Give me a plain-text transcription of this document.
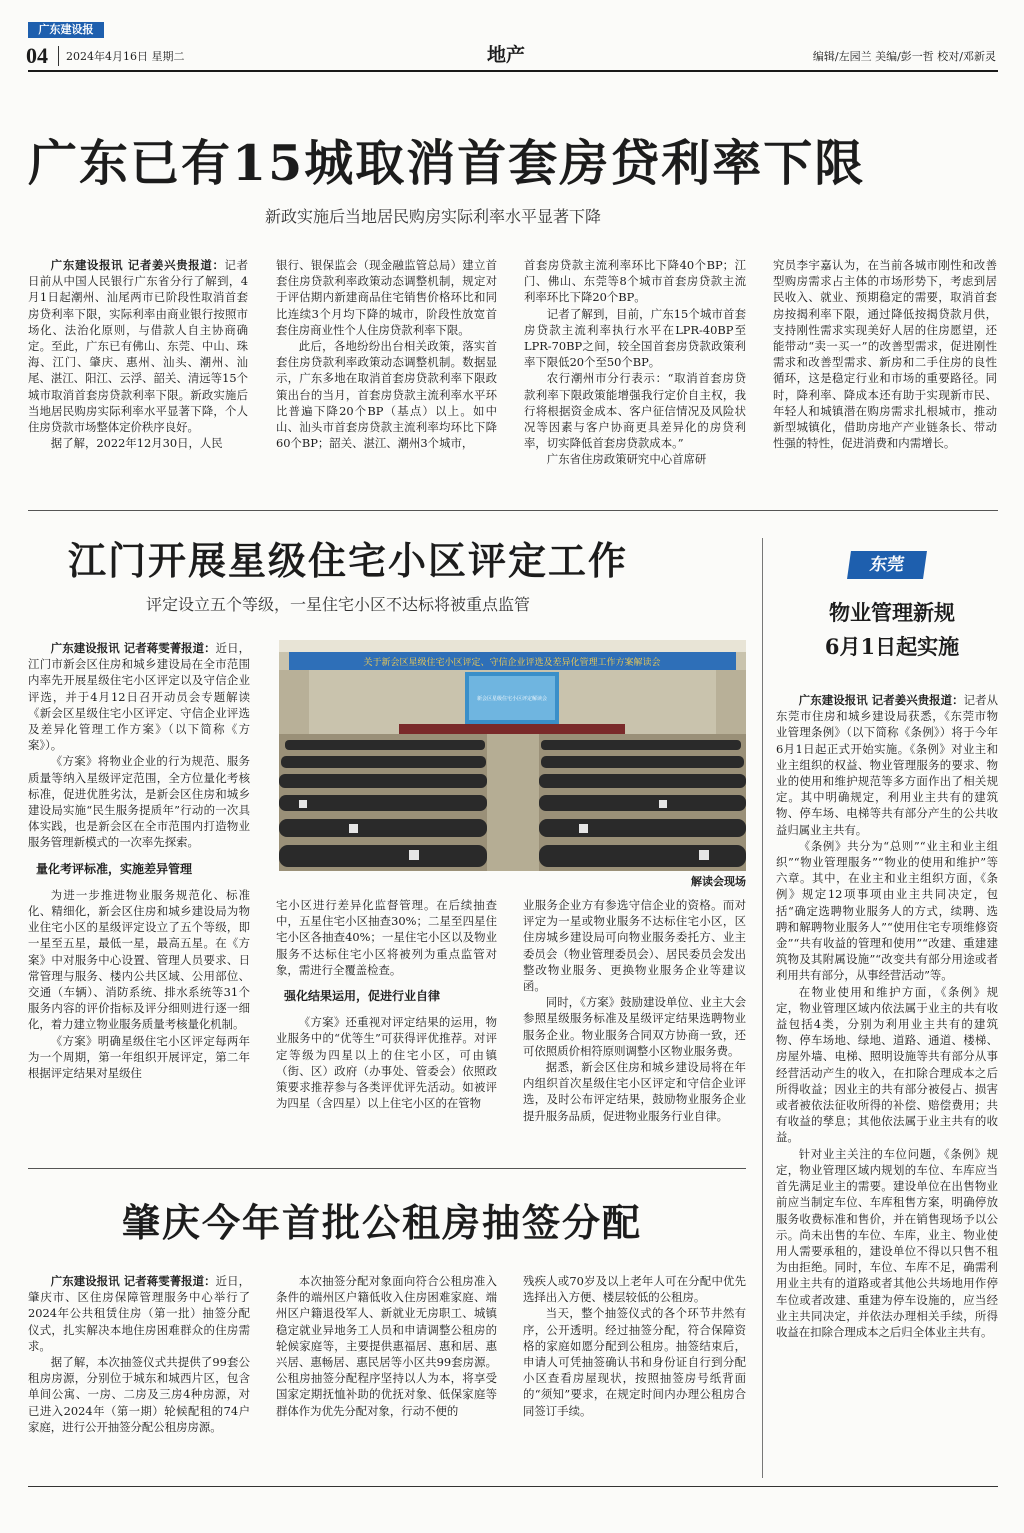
广东建设报
04 2024年4月16日 星期二	地产	编辑/左园兰 美编/彭一哲 校对/邓新灵
广东已有15城取消首套房贷利率下限
新政实施后当地居民购房实际利率水平显著下降

广东建设报讯 记者姜兴贵报道：记者日前从中国人民银行广东省分行了解到，4月1日起潮州、汕尾两市已阶段性取消首套房贷利率下限，实际利率由商业银行按照市场化、法治化原则，与借款人自主协商确定。至此，广东已有佛山、东莞、中山、珠海、江门、肇庆、惠州、汕头、潮州、汕尾、湛江、阳江、云浮、韶关、清远等15个城市取消首套房贷款利率下限。新政实施后当地居民购房实际利率水平显著下降，个人住房贷款市场整体定价秩序良好。

据了解，2022年12月30日，人民

银行、银保监会（现金融监管总局）建立首套住房贷款利率政策动态调整机制，规定对于评估期内新建商品住宅销售价格环比和同比连续3个月均下降的城市，阶段性放宽首套住房商业性个人住房贷款利率下限。

此后，各地纷纷出台相关政策，落实首套住房贷款利率政策动态调整机制。数据显示，广东多地在取消首套房贷款利率下限政策出台的当月，首套房贷款主流利率水平环比普遍下降20个BP（基点）以上。如中山、汕头市首套房贷款主流利率均环比下降60个BP；韶关、湛江、潮州3个城市，

首套房贷款主流利率环比下降40个BP；江门、佛山、东莞等8个城市首套房贷款主流利率环比下降20个BP。

记者了解到，目前，广东15个城市首套房贷款主流利率执行水平在LPR-40BP至LPR-70BP之间，较全国首套房贷款政策利率下限低20个至50个BP。

农行潮州市分行表示：“取消首套房贷款利率下限政策能增强我行定价自主权，我行将根据资金成本、客户征信情况及风险状况等因素与客户协商更具差异化的房贷利率，切实降低首套房贷款成本。”

广东省住房政策研究中心首席研

究员李宇嘉认为，在当前各城市刚性和改善型购房需求占主体的市场形势下，考虑到居民收入、就业、预期稳定的需要，取消首套房按揭利率下限，通过降低按揭贷款月供，支持刚性需求实现美好人居的住房愿望，还能带动“卖一买一”的改善型需求，促进刚性需求和改善型需求、新房和二手住房的良性循环，这是稳定行业和市场的重要路径。同时，降利率、降成本还有助于实现新市民、年轻人和城镇潜在购房需求扎根城市，推动新型城镇化，借助房地产产业链条长、带动性强的特性，促进消费和内需增长。

江门开展星级住宅小区评定工作
评定设立五个等级，一星住宅小区不达标将被重点监管
关于新会区星级住宅小区评定、守信企业评选及差异化管理工作方案解读会
新会区星级住宅小区评定解读会
解读会现场

广东建设报讯 记者蒋雯菁报道：近日，江门市新会区住房和城乡建设局在全市范围内率先开展星级住宅小区评定以及守信企业评选，并于4月12日召开动员会专题解读《新会区星级住宅小区评定、守信企业评选及差异化管理工作方案》（以下简称《方案》）。

《方案》将物业企业的行为规范、服务质量等纳入星级评定范围，全方位量化考核标准，促进优胜劣汰，是新会区住房和城乡建设局实施“民生服务提质年”行动的一次具体实践，也是新会区在全市范围内打造物业服务管理新模式的一次率先探索。

量化考评标准，实施差异管理

为进一步推进物业服务规范化、标准化、精细化，新会区住房和城乡建设局为物业住宅小区的星级评定设立了五个等级，即一星至五星，最低一星，最高五星。在《方案》中对服务中心设置、管理人员要求、日常管理与服务、楼内公共区域、公用部位、交通（车辆）、消防系统、排水系统等31个服务内容的评价指标及评分细则进行逐一细化，着力建立物业服务质量考核量化机制。

《方案》明确星级住宅小区评定每两年为一个周期，第一年组织开展评定，第二年根据评定结果对星级住

宅小区进行差异化监督管理。在后续抽查中，五星住宅小区抽查30%；二星至四星住宅小区各抽查40%；一星住宅小区以及物业服务不达标住宅小区将被列为重点监管对象，需进行全覆盖检查。

强化结果运用，促进行业自律

《方案》还重视对评定结果的运用，物业服务中的“优等生”可获得评优推荐。对评定等级为四星以上的住宅小区，可由镇（街、区）政府（办事处、管委会）依照政策要求推荐参与各类评优评先活动。如被评为四星（含四星）以上住宅小区的在管物

业服务企业方有参选守信企业的资格。而对评定为一星或物业服务不达标住宅小区，区住房城乡建设局可向物业服务委托方、业主委员会（物业管理委员会）、居民委员会发出整改物业服务、更换物业服务企业等建议函。

同时，《方案》鼓励建设单位、业主大会参照星级服务标准及星级评定结果选聘物业服务企业。物业服务合同双方协商一致，还可依照质价相符原则调整小区物业服务费。

据悉，新会区住房和城乡建设局将在年内组织首次星级住宅小区评定和守信企业评选，及时公布评定结果，鼓励物业服务企业提升服务品质，促进物业服务行业自律。

东莞
物业管理新规
6月1日起实施

广东建设报讯 记者姜兴贵报道：记者从东莞市住房和城乡建设局获悉，《东莞市物业管理条例》（以下简称《条例》）将于今年6月1日起正式开始实施。《条例》对业主和业主组织的权益、物业管理服务的要求、物业的使用和维护规范等多方面作出了相关规定。其中明确规定，利用业主共有的建筑物、停车场、电梯等共有部分产生的公共收益归属业主共有。

《条例》共分为“总则”“业主和业主组织”“物业管理服务”“物业的使用和维护”等六章。其中，在业主和业主组织方面，《条例》规定12项事项由业主共同决定，包括“确定选聘物业服务人的方式，续聘、选聘和解聘物业服务人”“使用住宅专项维修资金”“共有收益的管理和使用”“改建、重建建筑物及其附属设施”“改变共有部分用途或者利用共有部分，从事经营活动”等。

在物业使用和维护方面，《条例》规定，物业管理区域内依法属于业主的共有收益包括4类，分别为利用业主共有的建筑物、停车场地、绿地、道路、通道、楼梯、房屋外墙、电梯、照明设施等共有部分从事经营活动产生的收入，在扣除合理成本之后所得收益；因业主的共有部分被侵占、损害或者被依法征收所得的补偿、赔偿费用；共有收益的孳息；其他依法属于业主共有的收益。

针对业主关注的车位问题，《条例》规定，物业管理区域内规划的车位、车库应当首先满足业主的需要。建设单位在出售物业前应当制定车位、车库租售方案，明确停放服务收费标准和售价，并在销售现场予以公示。尚未出售的车位、车库，业主、物业使用人需要承租的，建设单位不得以只售不租为由拒绝。同时，车位、车库不足，确需利用业主共有的道路或者其他公共场地用作停车位或者改建、重建为停车设施的，应当经业主共同决定，并依法办理相关手续，所得收益在扣除合理成本之后归全体业主共有。

肇庆今年首批公租房抽签分配

广东建设报讯 记者蒋雯菁报道：近日，肇庆市、区住房保障管理服务中心举行了2024年公共租赁住房（第一批）抽签分配仪式，扎实解决本地住房困难群众的住房需求。

据了解，本次抽签仪式共提供了99套公租房房源，分别位于城东和城西片区，包含单间公寓、一房、二房及三房4种房源，对已进入2024年（第一期）轮候配租的74户家庭，进行公开抽签分配公租房房源。

本次抽签分配对象面向符合公租房准入条件的端州区户籍低收入住房困难家庭、端州区户籍退役军人、新就业无房职工、城镇稳定就业异地务工人员和申请调整公租房的轮候家庭等，主要提供惠福居、惠和居、惠兴居、惠畅居、惠民居等小区共99套房源。公租房抽签分配程序坚持以人为本，将享受国家定期抚恤补助的优抚对象、低保家庭等群体作为优先分配对象，行动不便的

残疾人或70岁及以上老年人可在分配中优先选择出入方便、楼层较低的公租房。

当天，整个抽签仪式的各个环节井然有序，公开透明。经过抽签分配，符合保障资格的家庭如愿分配到公租房。抽签结束后，申请人可凭抽签确认书和身份证自行到分配小区查看房屋现状，按照抽签房号纸背面的“须知”要求，在规定时间内办理公租房合同签订手续。
